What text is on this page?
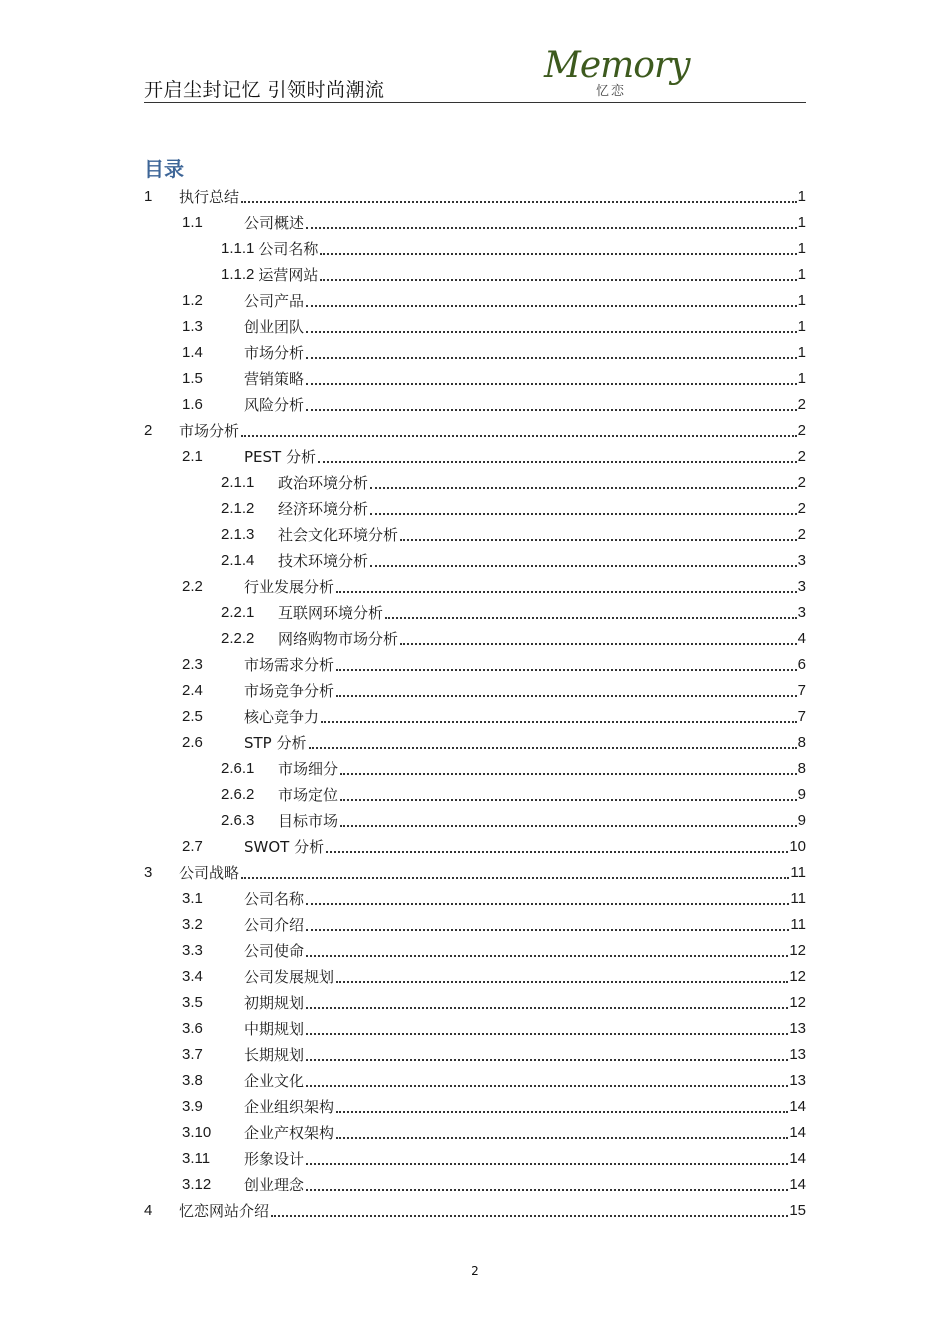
开启尘封记忆 引领时尚潮流
Memory
忆恋
目录
1	执行总结	1
1.1	公司概述	1
1.1.1 公司名称	1
1.1.2 运营网站	1
1.2	公司产品	1
1.3	创业团队	1
1.4	市场分析	1
1.5	营销策略	1
1.6	风险分析	2
2	市场分析	2
2.1	PEST 分析	2
2.1.1	政治环境分析	2
2.1.2	经济环境分析	2
2.1.3	社会文化环境分析	2
2.1.4	技术环境分析	3
2.2	行业发展分析	3
2.2.1	互联网环境分析	3
2.2.2	网络购物市场分析	4
2.3	市场需求分析	6
2.4	市场竞争分析	7
2.5	核心竞争力	7
2.6	STP 分析	8
2.6.1	市场细分	8
2.6.2	市场定位	9
2.6.3	目标市场	9
2.7	SWOT 分析	10
3	公司战略	11
3.1	公司名称	11
3.2	公司介绍	11
3.3	公司使命	12
3.4	公司发展规划	12
3.5	初期规划	12
3.6	中期规划	13
3.7	长期规划	13
3.8	企业文化	13
3.9	企业组织架构	14
3.10	企业产权架构	14
3.11	形象设计	14
3.12	创业理念	14
4	忆恋网站介绍	15
2
